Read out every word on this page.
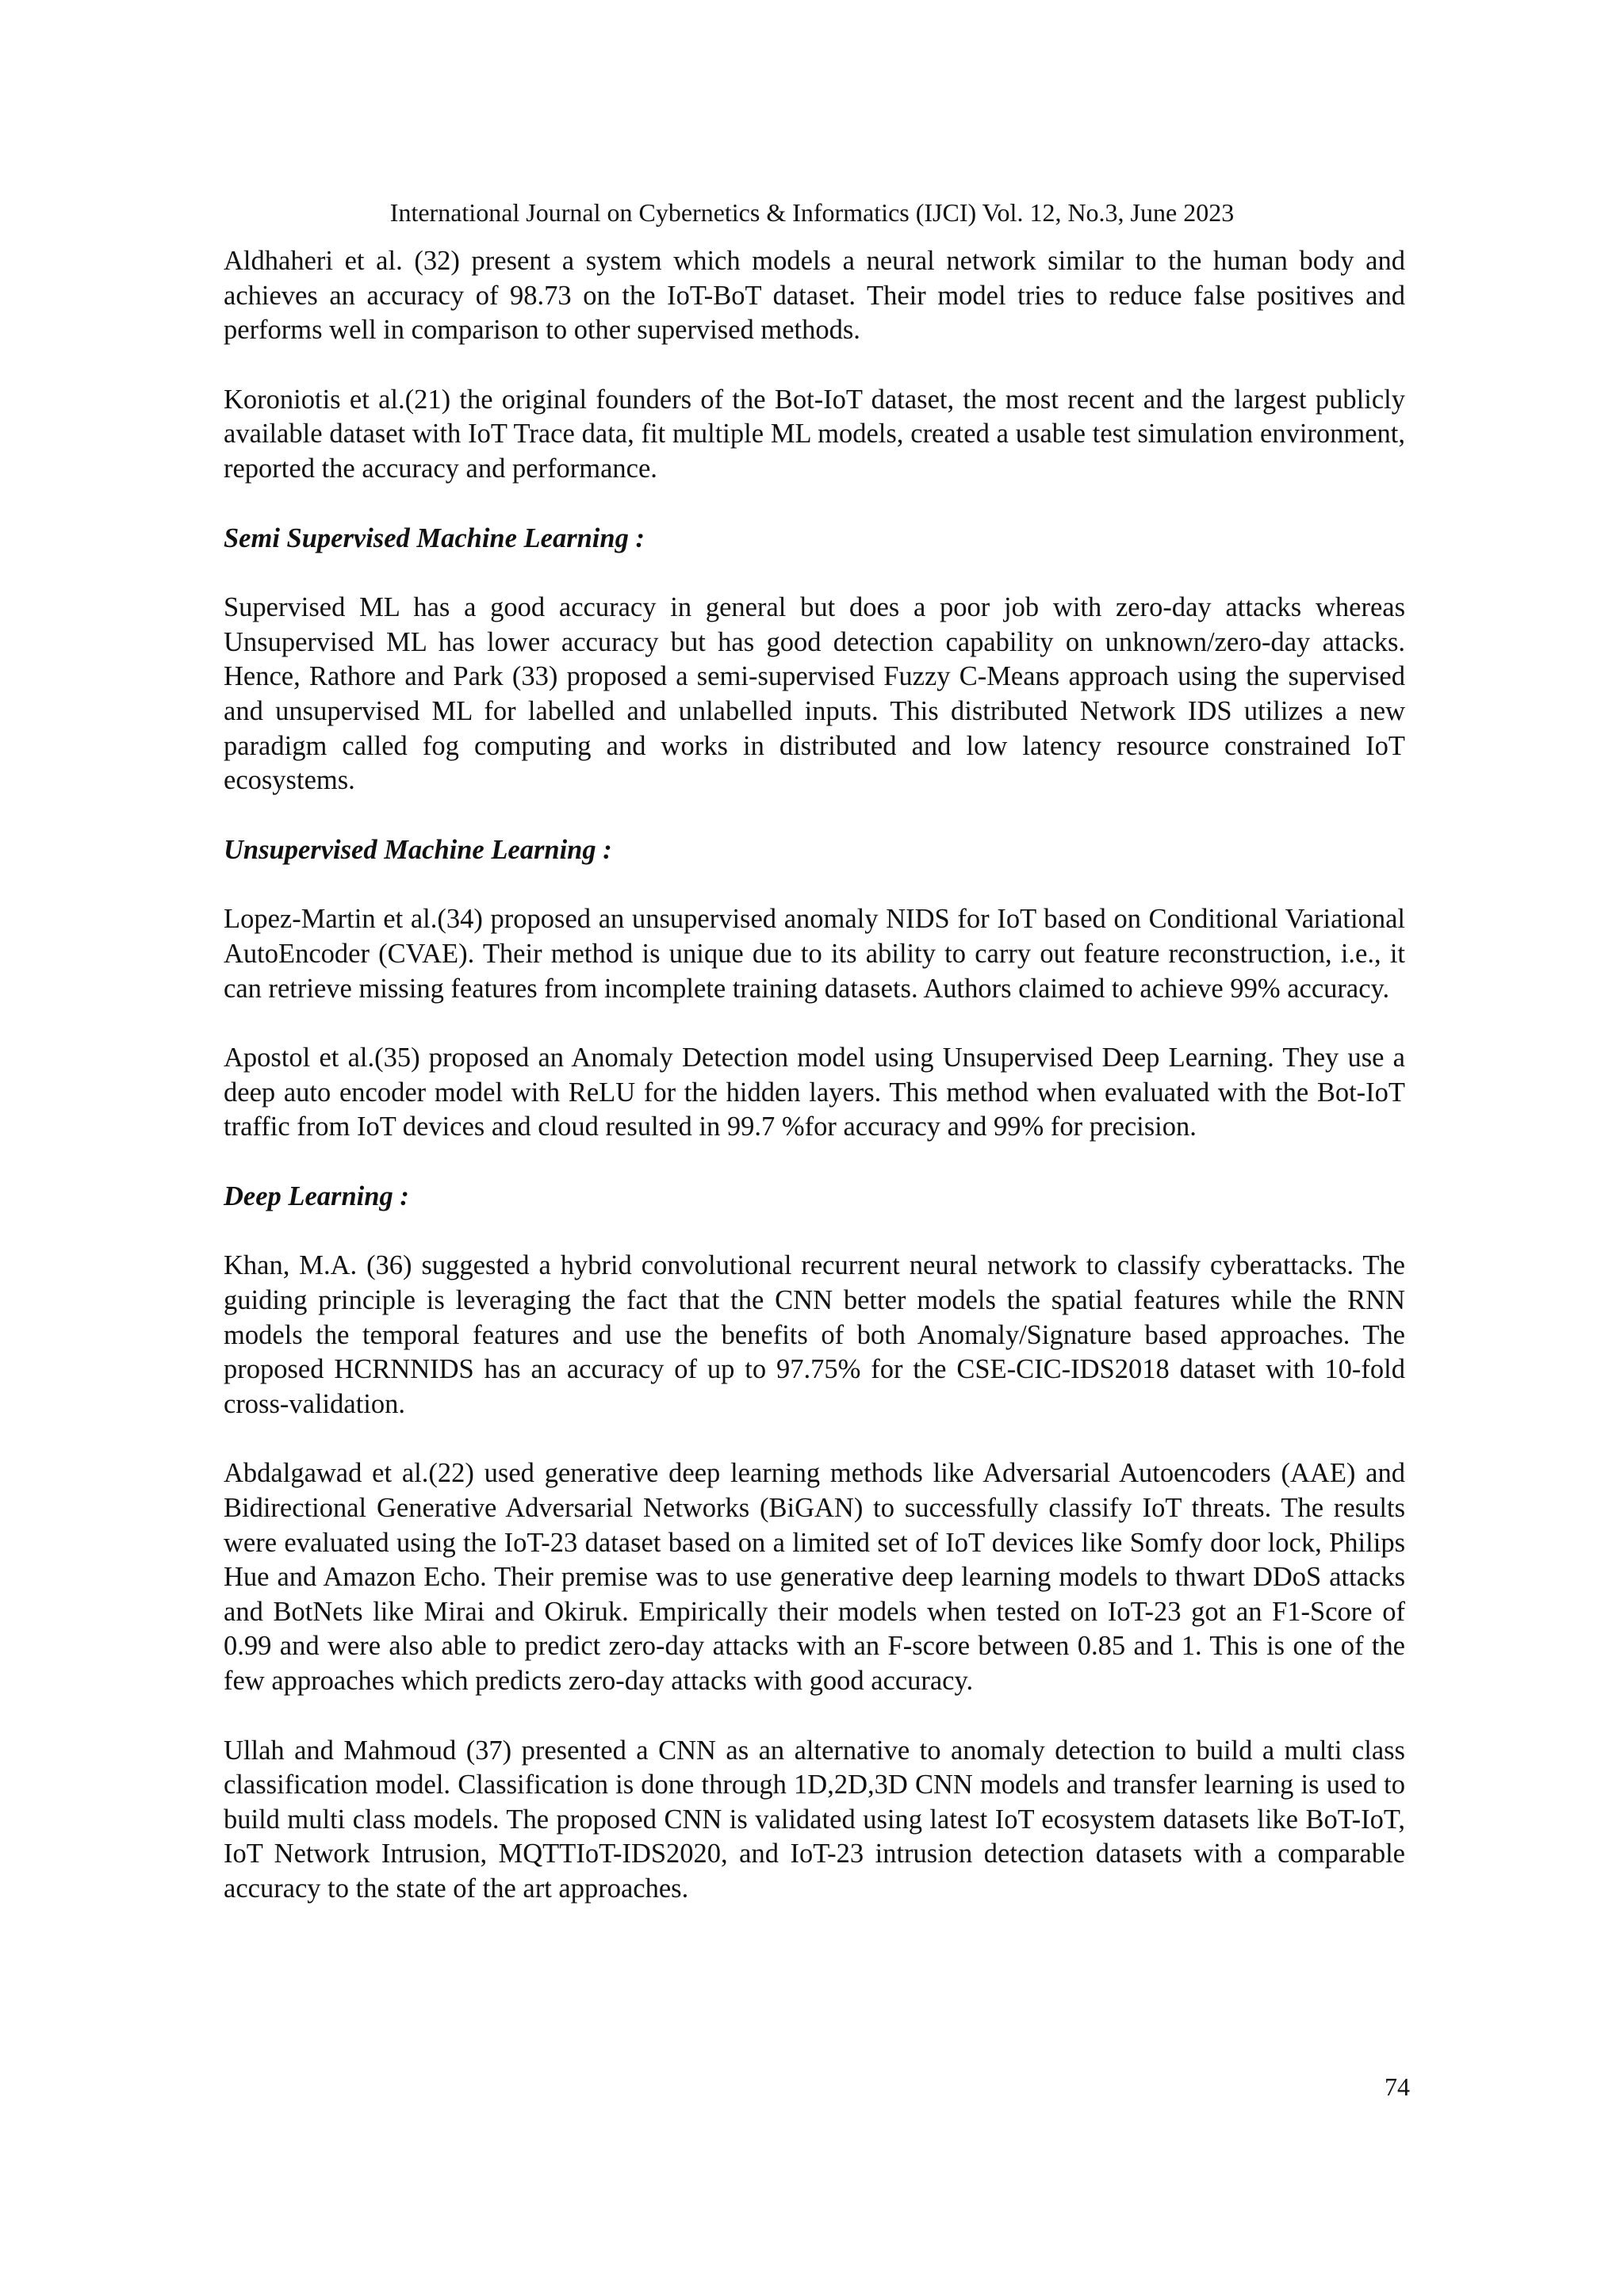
International Journal on Cybernetics & Informatics (IJCI) Vol. 12, No.3, June 2023

Aldhaheri et al. (32) present a system which models a neural network similar to the human body and achieves an accuracy of 98.73 on the IoT-BoT dataset. Their model tries to reduce false positives and performs well in comparison to other supervised methods.

Koroniotis et al.(21) the original founders of the Bot-IoT dataset, the most recent and the largest publicly available dataset with IoT Trace data, fit multiple ML models, created a usable test simulation environment, reported the accuracy and performance.

Semi Supervised Machine Learning :

Supervised ML has a good accuracy in general but does a poor job with zero-day attacks whereas Unsupervised ML has lower accuracy but has good detection capability on unknown/zero-day attacks. Hence, Rathore and Park (33) proposed a semi-supervised Fuzzy C-Means approach using the supervised and unsupervised ML for labelled and unlabelled inputs. This distributed Network IDS utilizes a new paradigm called fog computing and works in distributed and low latency resource constrained IoT ecosystems.

Unsupervised Machine Learning :

Lopez-Martin et al.(34) proposed an unsupervised anomaly NIDS for IoT based on Conditional Variational AutoEncoder (CVAE). Their method is unique due to its ability to carry out feature reconstruction, i.e., it can retrieve missing features from incomplete training datasets. Authors claimed to achieve 99% accuracy.

Apostol et al.(35) proposed an Anomaly Detection model using Unsupervised Deep Learning. They use a deep auto encoder model with ReLU for the hidden layers. This method when evaluated with the Bot-IoT traffic from IoT devices and cloud resulted in 99.7 %for accuracy and 99% for precision.

Deep Learning :

Khan, M.A. (36) suggested a hybrid convolutional recurrent neural network to classify cyberattacks. The guiding principle is leveraging the fact that the CNN better models the spatial features while the RNN models the temporal features and use the benefits of both Anomaly/Signature based approaches. The proposed HCRNNIDS has an accuracy of up to 97.75% for the CSE-CIC-IDS2018 dataset with 10-fold cross-validation.

Abdalgawad et al.(22) used generative deep learning methods like Adversarial Autoencoders (AAE) and Bidirectional Generative Adversarial Networks (BiGAN) to successfully classify IoT threats. The results were evaluated using the IoT-23 dataset based on a limited set of IoT devices like Somfy door lock, Philips Hue and Amazon Echo. Their premise was to use generative deep learning models to thwart DDoS attacks and BotNets like Mirai and Okiruk. Empirically their models when tested on IoT-23 got an F1-Score of 0.99 and were also able to predict zero-day attacks with an F-score between 0.85 and 1. This is one of the few approaches which predicts zero-day attacks with good accuracy.

Ullah and Mahmoud (37) presented a CNN as an alternative to anomaly detection to build a multi class classification model. Classification is done through 1D,2D,3D CNN models and transfer learning is used to build multi class models. The proposed CNN is validated using latest IoT ecosystem datasets like BoT-IoT, IoT Network Intrusion, MQTTIoT-IDS2020, and IoT-23 intrusion detection datasets with a comparable accuracy to the state of the art approaches.

74
